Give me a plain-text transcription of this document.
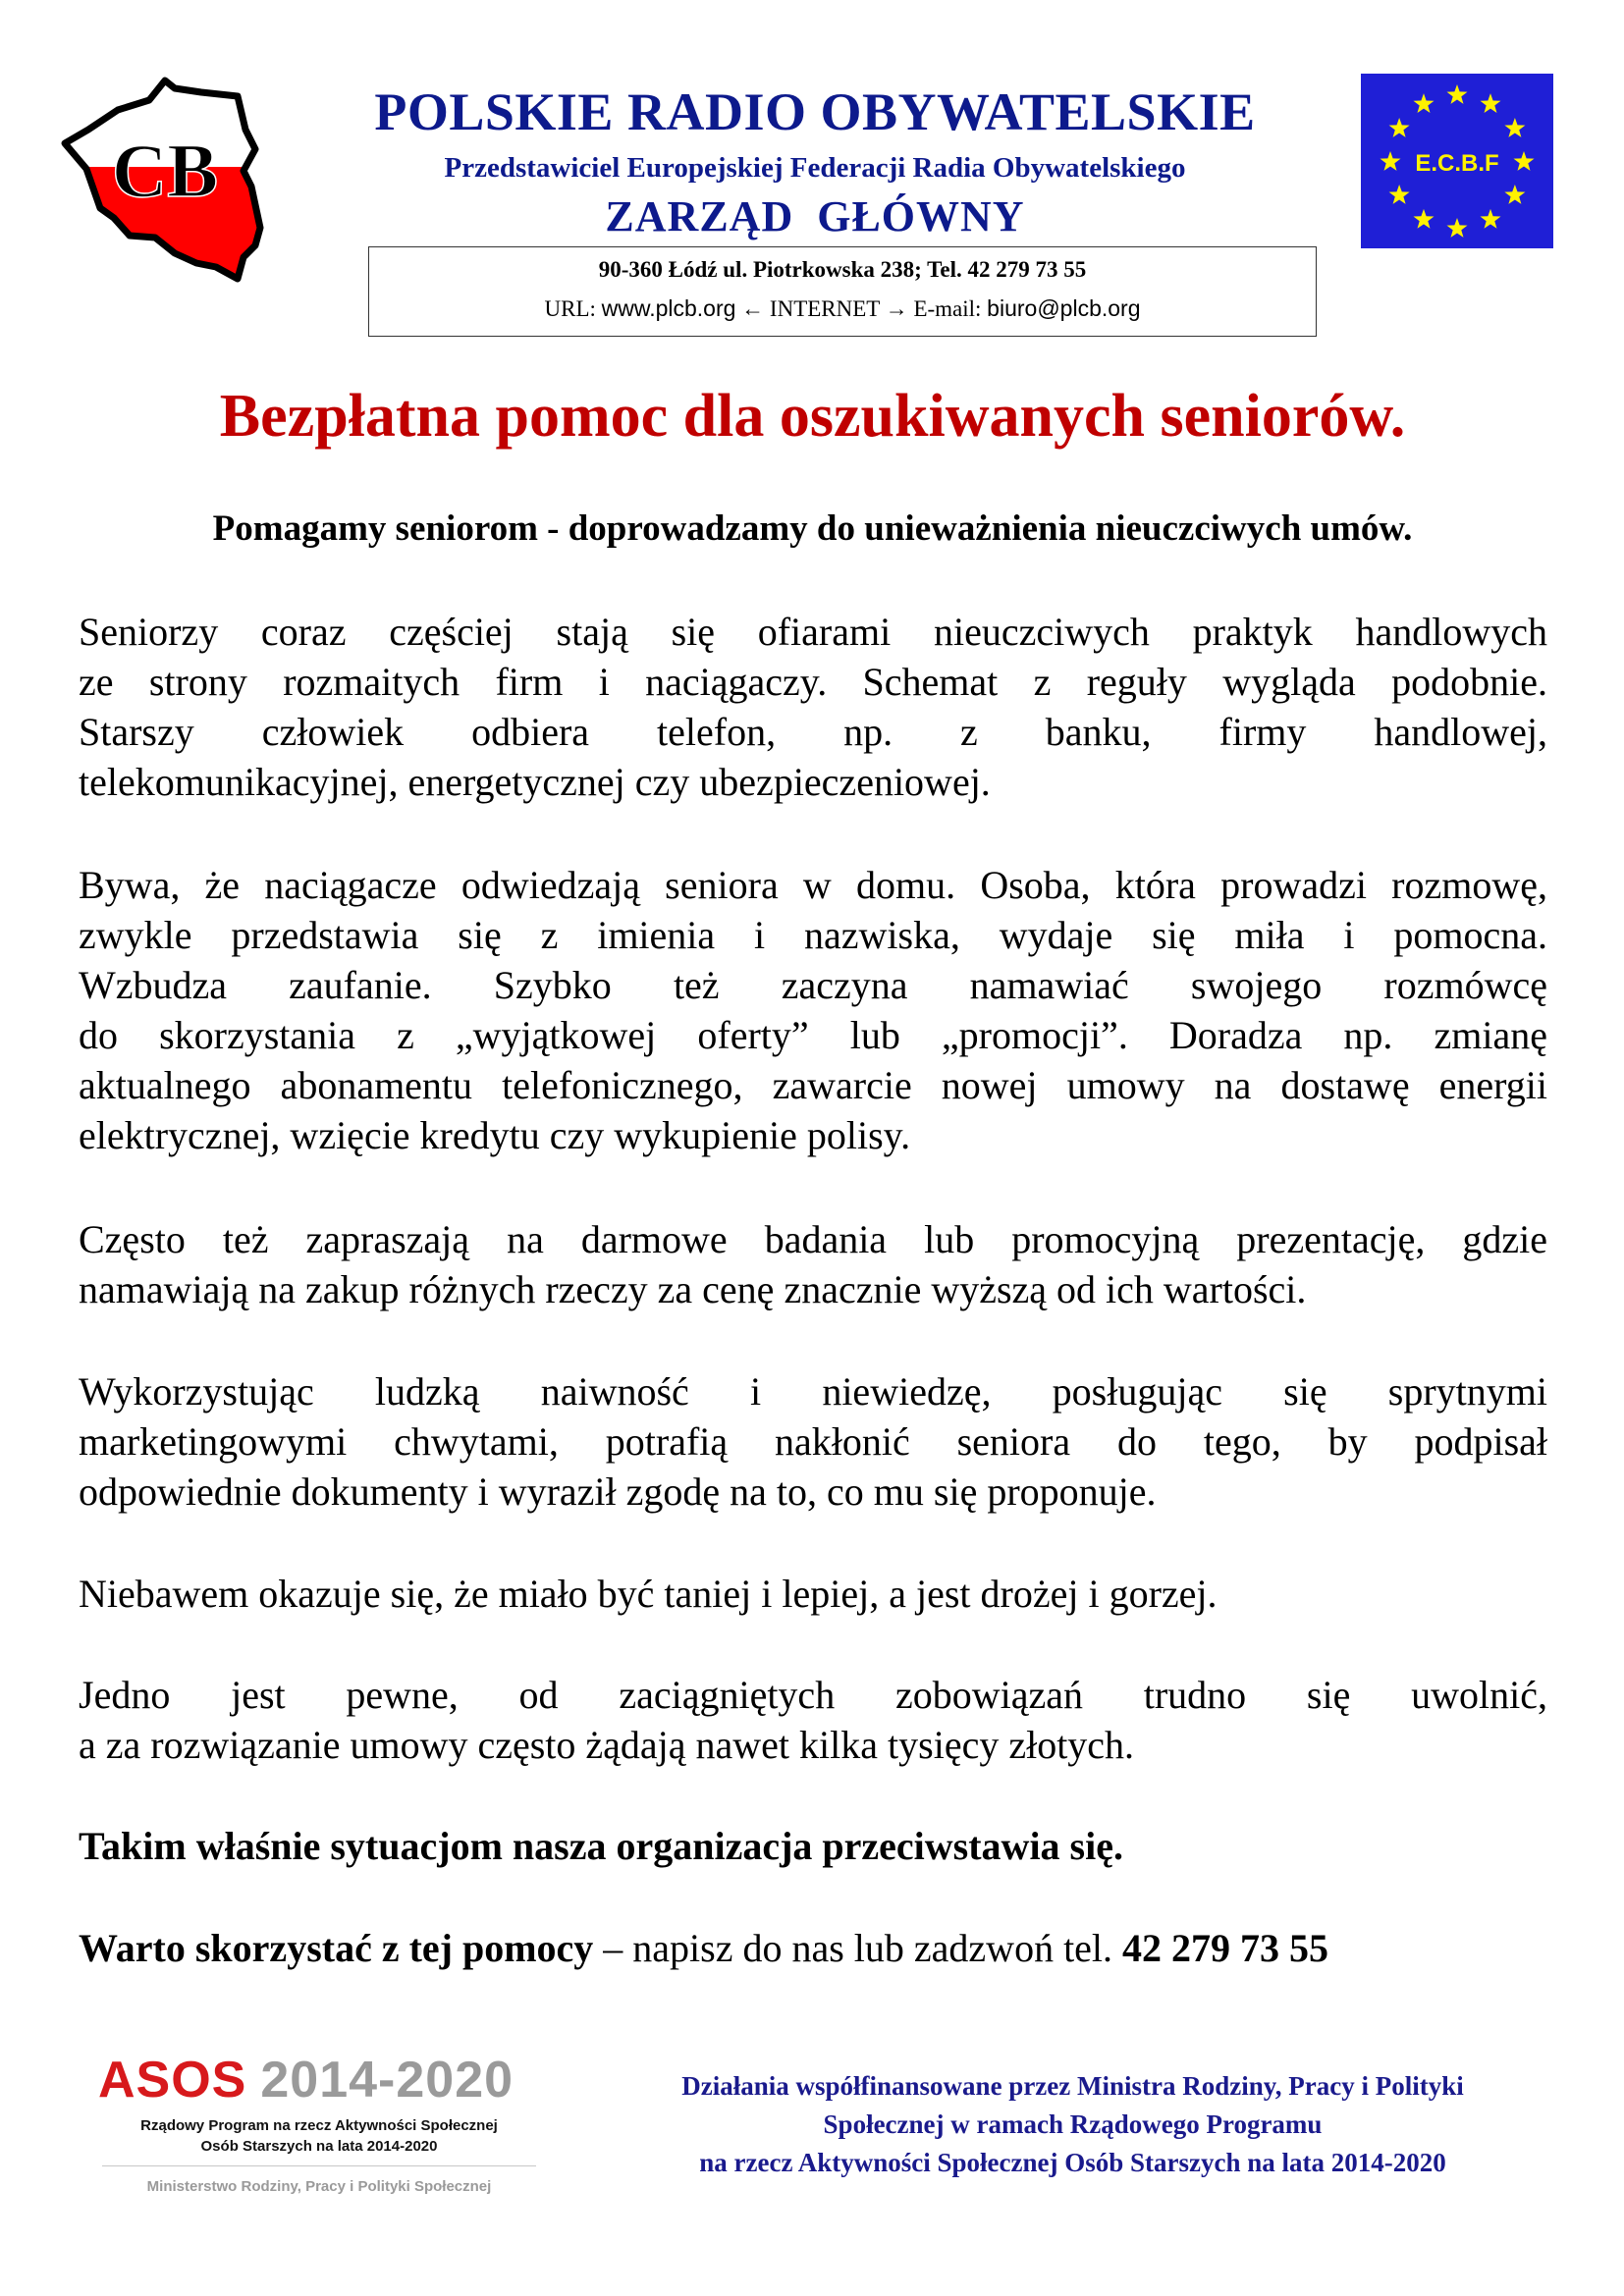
CB
POLSKIE RADIO OBYWATELSKIE
Przedstawiciel Europejskiej Federacji Radia Obywatelskiego
ZARZĄD  GŁÓWNY
90-360 Łódź ul. Piotrkowska 238; Tel. 42 279 73 55
URL: www.plcb.org ← INTERNET → E-mail: biuro@plcb.org
E.C.B.F
Bezpłatna pomoc dla oszukiwanych seniorów.
Pomagamy seniorom - doprowadzamy do unieważnienia nieuczciwych umów.
Seniorzy coraz częściej stają się ofiarami nieuczciwych praktyk handlowych
ze strony rozmaitych firm i naciągaczy. Schemat z reguły wygląda podobnie.
Starszy człowiek odbiera telefon, np. z banku, firmy handlowej,
telekomunikacyjnej, energetycznej czy ubezpieczeniowej.
Bywa, że naciągacze odwiedzają seniora w domu. Osoba, która prowadzi rozmowę,
zwykle przedstawia się z imienia i nazwiska, wydaje się miła i pomocna.
Wzbudza zaufanie. Szybko też zaczyna namawiać swojego rozmówcę
do skorzystania z „wyjątkowej oferty” lub „promocji”. Doradza np. zmianę
aktualnego abonamentu telefonicznego, zawarcie nowej umowy na dostawę energii
elektrycznej, wzięcie kredytu czy wykupienie polisy.
Często też zapraszają na darmowe badania lub promocyjną prezentację, gdzie
namawiają na zakup różnych rzeczy za cenę znacznie wyższą od ich wartości.
Wykorzystując ludzką naiwność i niewiedzę, posługując się sprytnymi
marketingowymi chwytami, potrafią nakłonić seniora do tego, by podpisał
odpowiednie dokumenty i wyraził zgodę na to, co mu się proponuje.
Niebawem okazuje się, że miało być taniej i lepiej, a jest drożej i gorzej.
Jedno jest pewne, od zaciągniętych zobowiązań trudno się uwolnić,
a za rozwiązanie umowy często żądają nawet kilka tysięcy złotych.
Takim właśnie sytuacjom nasza organizacja przeciwstawia się.
Warto skorzystać z tej pomocy – napisz do nas lub zadzwoń tel. 42 279 73 55
ASOS 2014-2020
Rządowy Program na rzecz Aktywności Społecznej
Osób Starszych na lata 2014-2020
Ministerstwo Rodziny, Pracy i Polityki Społecznej
Działania współfinansowane przez Ministra Rodziny, Pracy i Polityki
Społecznej w ramach Rządowego Programu
na rzecz Aktywności Społecznej Osób Starszych na lata 2014-2020
